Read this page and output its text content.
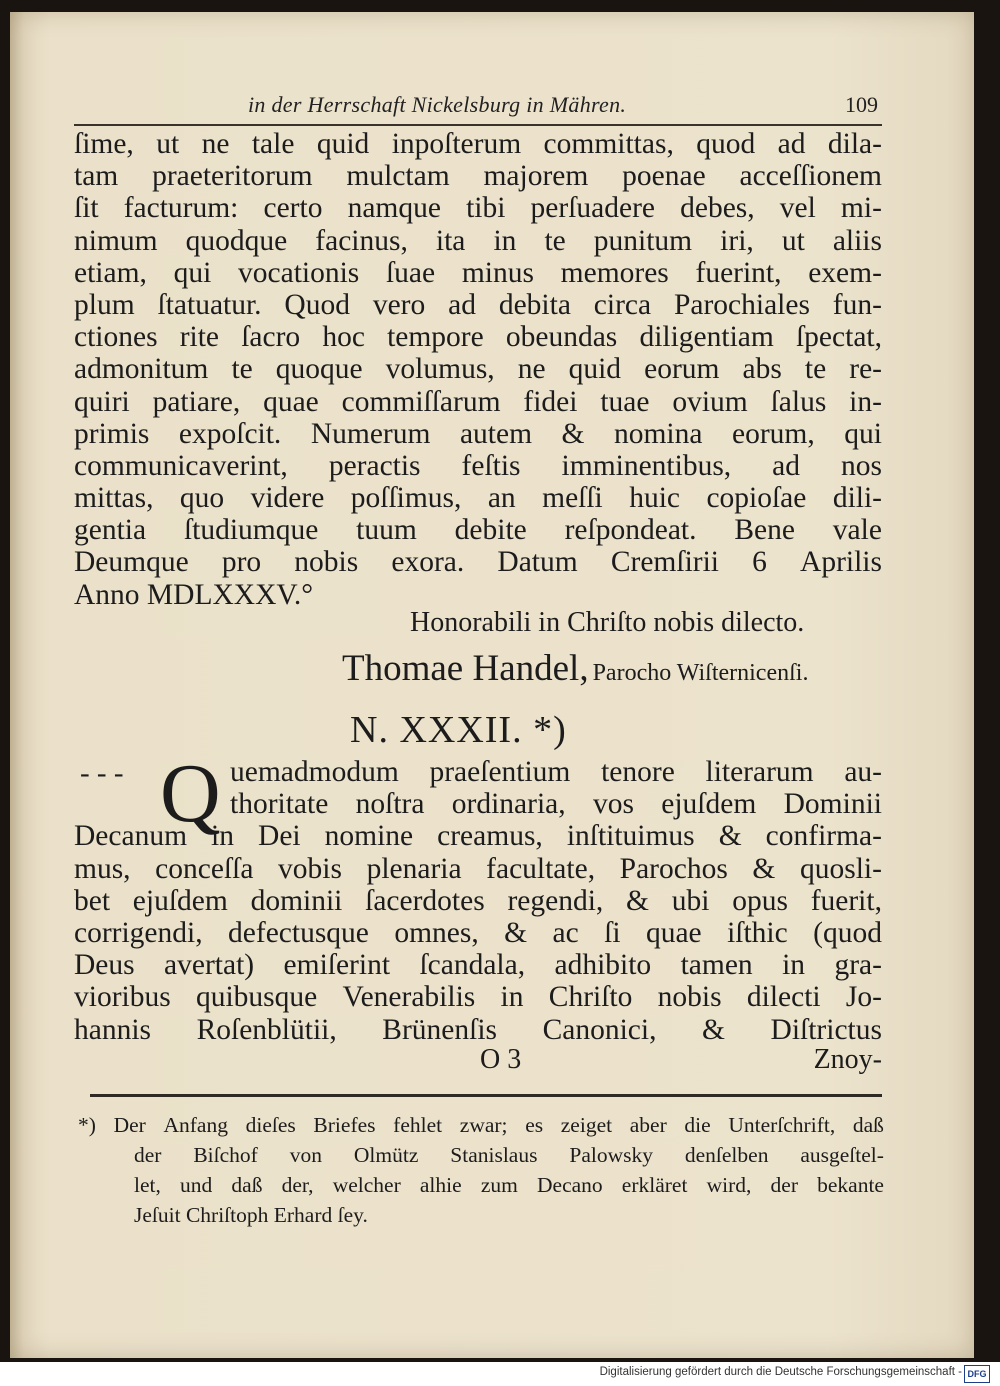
in der Herrschaft Nickelsburg in Mähren.	109
ſime, ut ne tale quid inpoſterum committas, quod ad dila-
tam praeteritorum mulctam majorem poenae acceſſionem
ſit facturum: certo namque tibi perſuadere debes, vel mi-
nimum quodque facinus, ita in te punitum iri, ut aliis
etiam, qui vocationis ſuae minus memores fuerint, exem-
plum ſtatuatur. Quod vero ad debita circa Parochiales fun-
ctiones rite ſacro hoc tempore obeundas diligentiam ſpectat,
admonitum te quoque volumus, ne quid eorum abs te re-
quiri patiare, quae commiſſarum fidei tuae ovium ſalus in-
primis expoſcit. Numerum autem & nomina eorum, qui
communicaverint, peractis feſtis imminentibus, ad nos
mittas, quo videre poſſimus, an meſſi huic copioſae dili-
gentia ſtudiumque tuum debite reſpondeat. Bene vale
Deumque pro nobis exora. Datum Cremſirii 6 Aprilis
Anno MDLXXXV.°
Honorabili in Chriſto nobis dilecto.
Thomae Handel, Parocho Wiſternicenſi.
N. XXXII. *)
- - - Q uemadmodum praeſentium tenore literarum au-
thoritate noſtra ordinaria, vos ejuſdem Dominii
Decanum in Dei nomine creamus, inſtituimus & confirma-
mus, conceſſa vobis plenaria facultate, Parochos & quosli-
bet ejuſdem dominii ſacerdotes regendi, & ubi opus fuerit,
corrigendi, defectusque omnes, & ac ſi quae iſthic (quod
Deus avertat) emiſerint ſcandala, adhibito tamen in gra-
vioribus quibusque Venerabilis in Chriſto nobis dilecti Jo-
hannis Roſenblütii, Brünenſis Canonici, & Diſtrictus
O 3	Znoy-
*) Der Anfang dieſes Briefes fehlet zwar; es zeiget aber die Unterſchrift, daß
der Biſchof von Olmütz Stanislaus Palowsky denſelben ausgeſtel-
let, und daß der, welcher alhie zum Decano erkläret wird, der bekante
Jeſuit Chriſtoph Erhard ſey.
Digitalisierung gefördert durch die Deutsche Forschungsgemeinschaft - DFG
